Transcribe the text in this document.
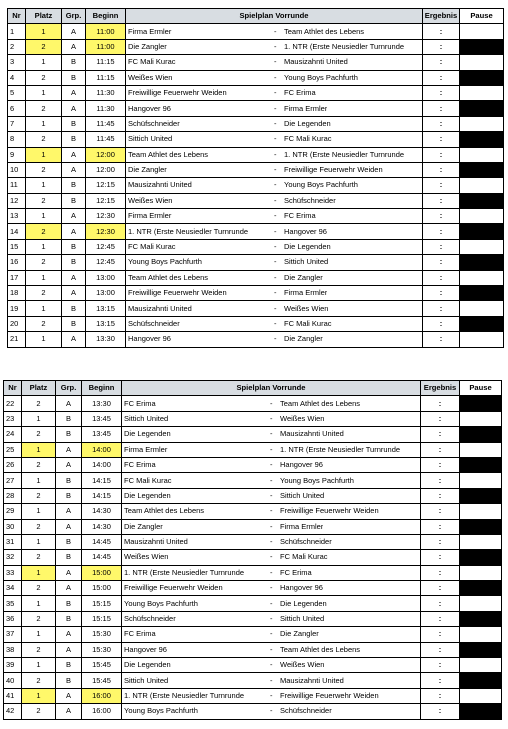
Nr	Platz	Grp.	Beginn	Spielplan Vorrunde	Ergebnis	Pause
1	1	A	11:00	Firma Ermler - Team Athlet des Lebens	:	
2	2	A	11:00	Die Zangler - 1. NTR (Erste Neusiedler Turnrunde	:	
3	1	B	11:15	FC Mali Kurac - Mausizahnti United	:	
4	2	B	11:15	Weißes Wien - Young Boys Pachfurth	:	
5	1	A	11:30	Freiwillige Feuerwehr Weiden - FC Erima	:	
6	2	A	11:30	Hangover 96 - Firma Ermler	:	
7	1	B	11:45	Schüfschneider - Die Legenden	:	
8	2	B	11:45	Sittich United - FC Mali Kurac	:	
9	1	A	12:00	Team Athlet des Lebens - 1. NTR (Erste Neusiedler Turnrunde	:	
10	2	A	12:00	Die Zangler - Freiwillige Feuerwehr Weiden	:	
11	1	B	12:15	Mausizahnti United - Young Boys Pachfurth	:	
12	2	B	12:15	Weißes Wien - Schüfschneider	:	
13	1	A	12:30	Firma Ermler - FC Erima	:	
14	2	A	12:30	1. NTR (Erste Neusiedler Turnrunde - Hangover 96	:	
15	1	B	12:45	FC Mali Kurac - Die Legenden	:	
16	2	B	12:45	Young Boys Pachfurth - Sittich United	:	
17	1	A	13:00	Team Athlet des Lebens - Die Zangler	:	
18	2	A	13:00	Freiwillige Feuerwehr Weiden - Firma Ermler	:	
19	1	B	13:15	Mausizahnti United - Weißes Wien	:	
20	2	B	13:15	Schüfschneider - FC Mali Kurac	:	
21	1	A	13:30	Hangover 96 - Die Zangler	:	
Nr	Platz	Grp.	Beginn	Spielplan Vorrunde	Ergebnis	Pause
22	2	A	13:30	FC Erima - Team Athlet des Lebens	:	
23	1	B	13:45	Sittich United - Weißes Wien	:	
24	2	B	13:45	Die Legenden - Mausizahnti United	:	
25	1	A	14:00	Firma Ermler - 1. NTR (Erste Neusiedler Turnrunde	:	
26	2	A	14:00	FC Erima - Hangover 96	:	
27	1	B	14:15	FC Mali Kurac - Young Boys Pachfurth	:	
28	2	B	14:15	Die Legenden - Sittich United	:	
29	1	A	14:30	Team Athlet des Lebens - Freiwillige Feuerwehr Weiden	:	
30	2	A	14:30	Die Zangler - Firma Ermler	:	
31	1	B	14:45	Mausizahnti United - Schüfschneider	:	
32	2	B	14:45	Weißes Wien - FC Mali Kurac	:	
33	1	A	15:00	1. NTR (Erste Neusiedler Turnrunde - FC Erima	:	
34	2	A	15:00	Freiwillige Feuerwehr Weiden - Hangover 96	:	
35	1	B	15:15	Young Boys Pachfurth - Die Legenden	:	
36	2	B	15:15	Schüfschneider - Sittich United	:	
37	1	A	15:30	FC Erima - Die Zangler	:	
38	2	A	15:30	Hangover 96 - Team Athlet des Lebens	:	
39	1	B	15:45	Die Legenden - Weißes Wien	:	
40	2	B	15:45	Sittich United - Mausizahnti United	:	
41	1	A	16:00	1. NTR (Erste Neusiedler Turnrunde - Freiwillige Feuerwehr Weiden	:	
42	2	A	16:00	Young Boys Pachfurth - Schüfschneider	:	
